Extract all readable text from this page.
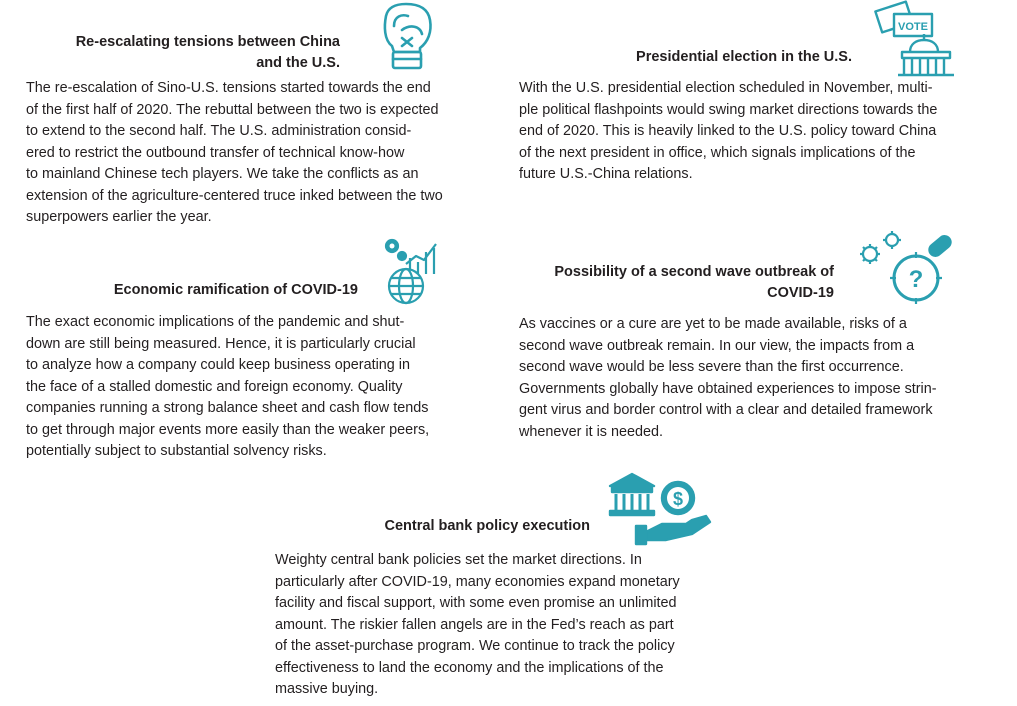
Re-escalating tensions between China
and the U.S.
The re-escalation of Sino-U.S. tensions started towards the end
of the first half of 2020. The rebuttal between the two is expected
to extend to the second half. The U.S. administration consid-
ered to restrict the outbound transfer of technical know-how
to mainland Chinese tech players. We take the conflicts as an
extension of the agriculture-centered truce inked between the two
superpowers earlier the year.
Presidential election in the U.S.
VOTE
With the U.S. presidential election scheduled in November, multi-
ple political flashpoints would swing market directions towards the
end of 2020. This is heavily linked to the U.S. policy toward China
of the next president in office, which signals implications of the
future U.S.-China relations.
Economic ramification of COVID-19
The exact economic implications of the pandemic and shut-
down are still being measured. Hence, it is particularly crucial
to analyze how a company could keep business operating in
the face of a stalled domestic and foreign economy. Quality
companies running a strong balance sheet and cash flow tends
to get through major events more easily than the weaker peers,
potentially subject to substantial solvency risks.
Possibility of a second wave outbreak of
COVID-19	?
As vaccines or a cure are yet to be made available, risks of a
second wave outbreak remain. In our view, the impacts from a
second wave would be less severe than the first occurrence.
Governments globally have obtained experiences to impose strin-
gent virus and border control with a clear and detailed framework
whenever it is needed.
Central bank policy execution
$
Weighty central bank policies set the market directions. In
particularly after COVID-19, many economies expand monetary
facility and fiscal support, with some even promise an unlimited
amount. The riskier fallen angels are in the Fed’s reach as part
of the asset-purchase program. We continue to track the policy
effectiveness to land the economy and the implications of the
massive buying.
